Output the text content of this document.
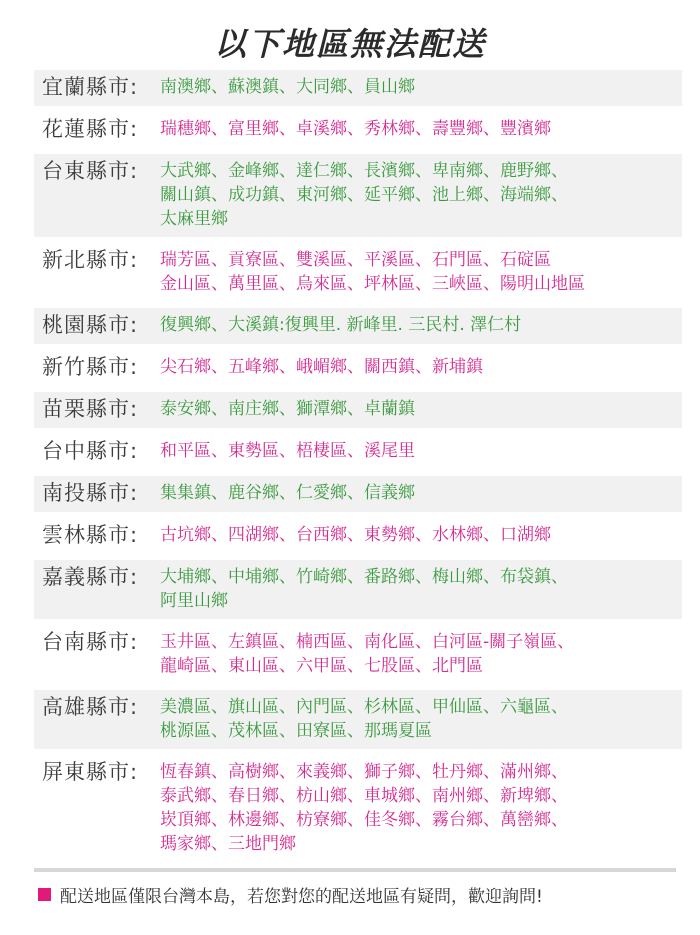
以下地區無法配送
宜蘭縣市:	南澳鄉、蘇澳鎮、大同鄉、員山鄉
花蓮縣市:	瑞穗鄉、富里鄉、卓溪鄉、秀林鄉、壽豐鄉、豐濱鄉
台東縣市:	大武鄉、金峰鄉、達仁鄉、長濱鄉、卑南鄉、鹿野鄉、
關山鎮、成功鎮、東河鄉、延平鄉、池上鄉、海端鄉、
太麻里鄉
新北縣市:	瑞芳區、貢寮區、雙溪區、平溪區、石門區、石碇區
金山區、萬里區、烏來區、坪林區、三峽區、陽明山地區
桃園縣市:	復興鄉、大溪鎮:復興里. 新峰里. 三民村. 澤仁村
新竹縣市:	尖石鄉、五峰鄉、峨嵋鄉、關西鎮、新埔鎮
苗栗縣市:	泰安鄉、南庄鄉、獅潭鄉、卓蘭鎮
台中縣市:	和平區、東勢區、梧棲區、溪尾里
南投縣市:	集集鎮、鹿谷鄉、仁愛鄉、信義鄉
雲林縣市:	古坑鄉、四湖鄉、台西鄉、東勢鄉、水林鄉、口湖鄉
嘉義縣市:	大埔鄉、中埔鄉、竹崎鄉、番路鄉、梅山鄉、布袋鎮、
阿里山鄉
台南縣市:	玉井區、左鎮區、楠西區、南化區、白河區-關子嶺區、
龍崎區、東山區、六甲區、七股區、北門區
高雄縣市:	美濃區、旗山區、內門區、杉林區、甲仙區、六龜區、
桃源區、茂林區、田寮區、那瑪夏區
屏東縣市:	恆春鎮、高樹鄉、來義鄉、獅子鄉、牡丹鄉、滿州鄉、
泰武鄉、春日鄉、枋山鄉、車城鄉、南州鄉、新埤鄉、
崁頂鄉、林邊鄉、枋寮鄉、佳冬鄉、霧台鄉、萬巒鄉、
瑪家鄉、三地門鄉
配送地區僅限台灣本島，若您對您的配送地區有疑問，歡迎詢問!
